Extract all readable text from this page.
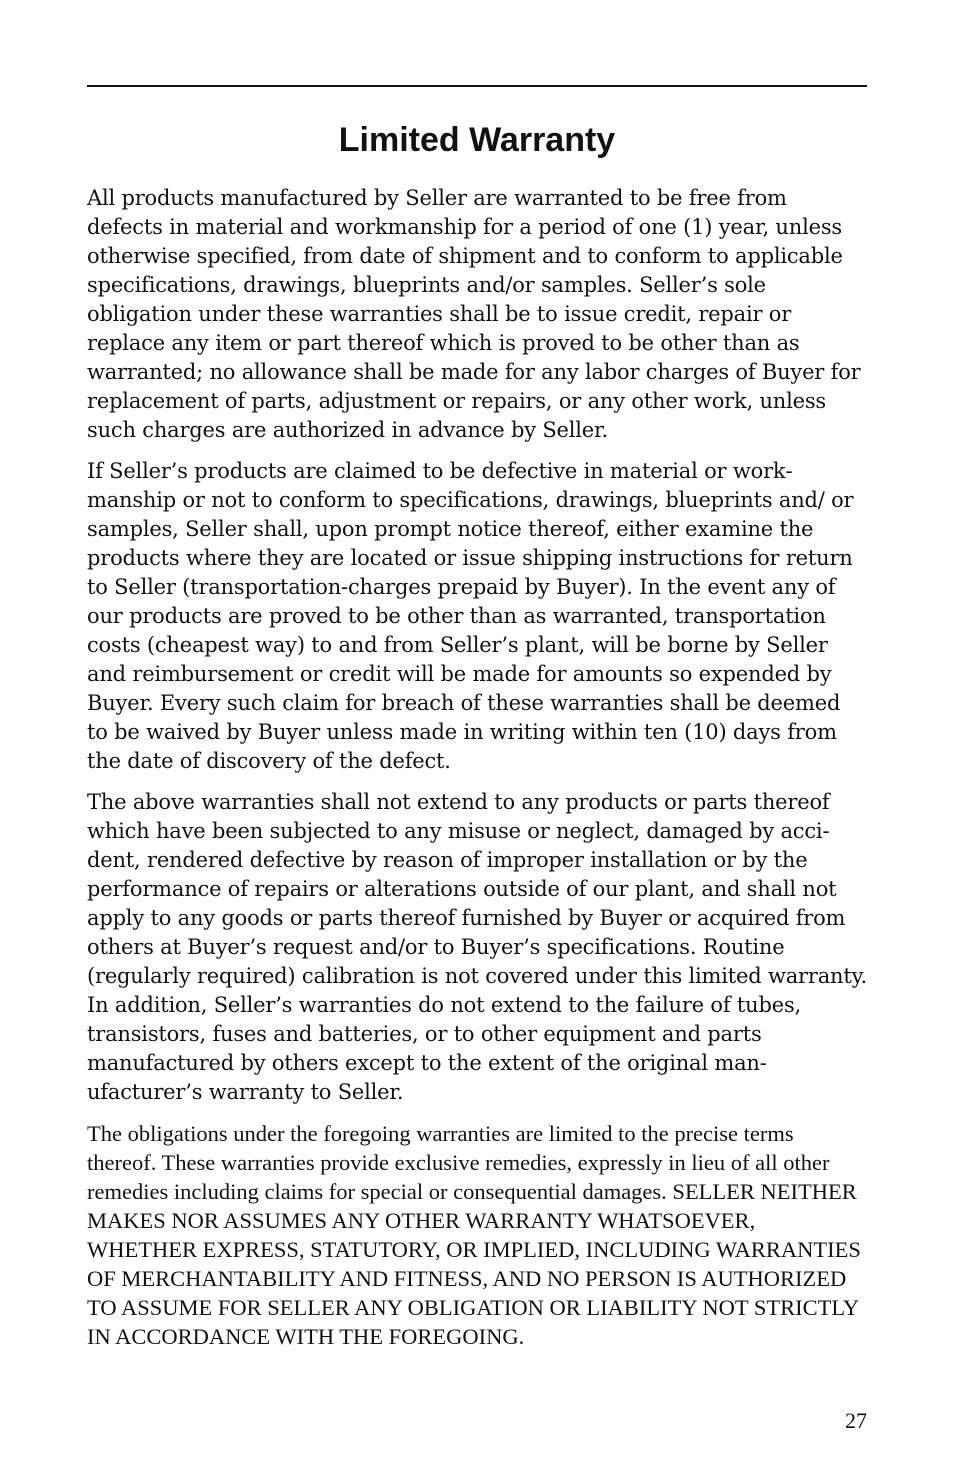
Limited Warranty

All products manufactured by Seller are warranted to be free from defects in material and workmanship for a period of one (1) year, unless otherwise specified, from date of shipment and to conform to applicable specifications, drawings, blueprints and/or samples. Seller’s sole obligation under these warranties shall be to issue credit, repair or replace any item or part thereof which is proved to be other than as warranted; no allowance shall be made for any labor charges of Buyer for replacement of parts, adjustment or repairs, or any other work, unless such charges are authorized in advance by Seller.

If Seller’s products are claimed to be defective in material or workmanship or not to conform to specifications, drawings, blueprints and/ or samples, Seller shall, upon prompt notice thereof, either examine the products where they are located or issue shipping instructions for return to Seller (transportation-charges prepaid by Buyer). In the event any of our products are proved to be other than as warranted, transportation costs (cheapest way) to and from Seller’s plant, will be borne by Seller and reimbursement or credit will be made for amounts so expended by Buyer. Every such claim for breach of these warranties shall be deemed to be waived by Buyer unless made in writing within ten (10) days from the date of discovery of the defect.

The above warranties shall not extend to any products or parts thereof which have been subjected to any misuse or neglect, damaged by accident, rendered defective by reason of improper installation or by the performance of repairs or alterations outside of our plant, and shall not apply to any goods or parts thereof furnished by Buyer or acquired from others at Buyer’s request and/or to Buyer’s specifications. Routine (regularly required) calibration is not covered under this limited warranty. In addition, Seller’s warranties do not extend to the failure of tubes, transistors, fuses and batteries, or to other equipment and parts manufactured by others except to the extent of the original manufacturer’s warranty to Seller.

The obligations under the foregoing warranties are limited to the precise terms thereof. These warranties provide exclusive remedies, expressly in lieu of all other remedies including claims for special or consequential damages. SELLER NEITHER MAKES NOR ASSUMES ANY OTHER WARRANTY WHATSOEVER, WHETHER EXPRESS, STATUTORY, OR IMPLIED, INCLUDING WARRANTIES OF MERCHANTABILITY AND FITNESS, AND NO PERSON IS AUTHORIZED TO ASSUME FOR SELLER ANY OBLIGATION OR LIABILITY NOT STRICTLY IN ACCORDANCE WITH THE FOREGOING.

27
